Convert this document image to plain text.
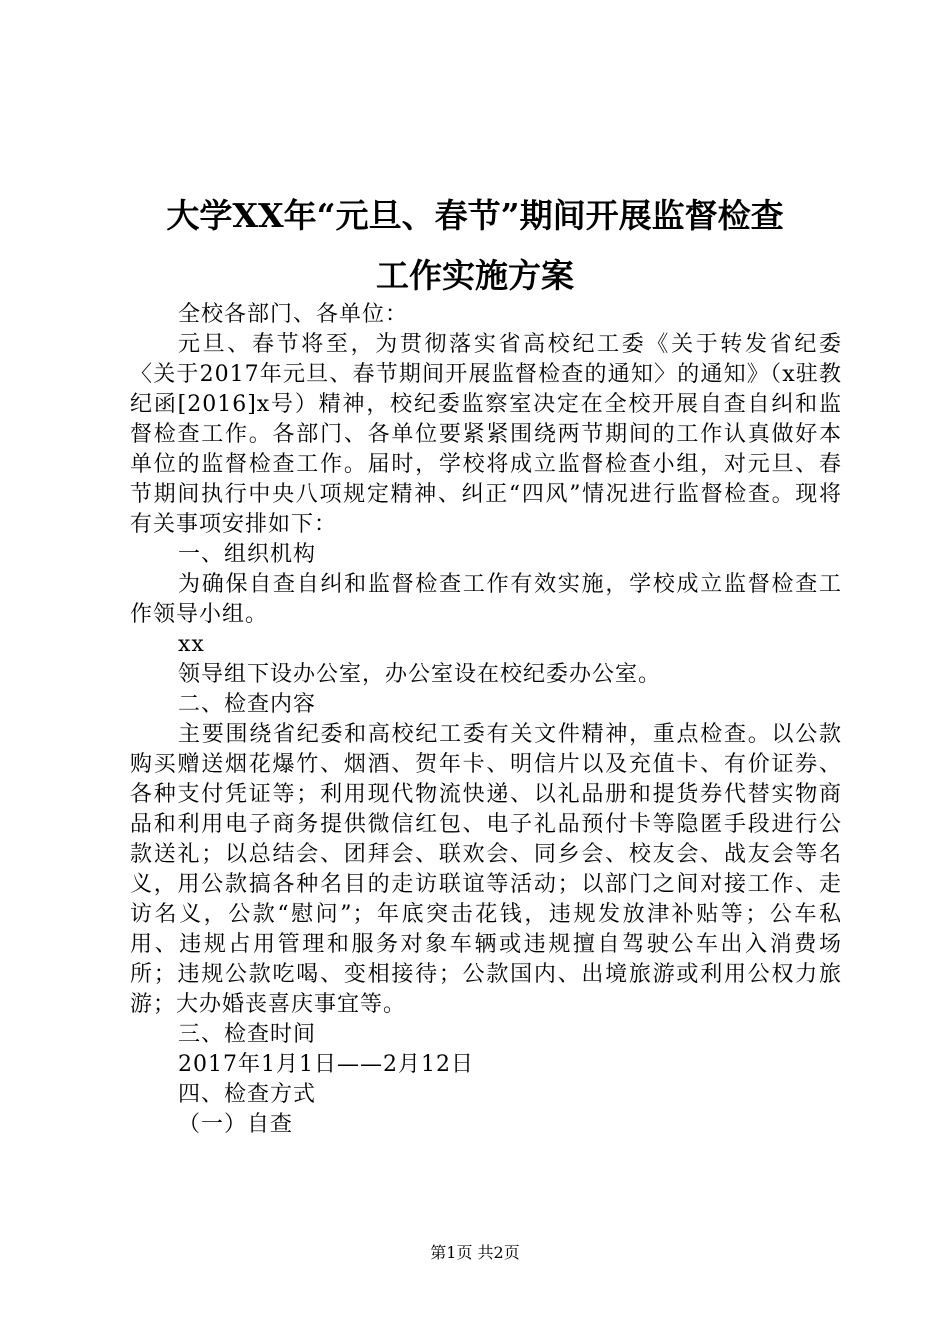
大学XX年“元旦、春节”期间开展监督检查
工作实施方案

全校各部门、各单位：

元旦、春节将至，为贯彻落实省高校纪工委《关于转发省纪委〈关于2017年元旦、春节期间开展监督检查的通知〉的通知》（x驻教纪函[2016]x号）精神，校纪委监察室决定在全校开展自查自纠和监督检查工作。各部门、各单位要紧紧围绕两节期间的工作认真做好本单位的监督检查工作。届时，学校将成立监督检查小组，对元旦、春节期间执行中央八项规定精神、纠正“四风”情况进行监督检查。现将有关事项安排如下：

一、组织机构

为确保自查自纠和监督检查工作有效实施，学校成立监督检查工作领导小组。

xx

领导组下设办公室，办公室设在校纪委办公室。

二、检查内容

主要围绕省纪委和高校纪工委有关文件精神，重点检查。以公款购买赠送烟花爆竹、烟酒、贺年卡、明信片以及充值卡、有价证券、各种支付凭证等；利用现代物流快递、以礼品册和提货券代替实物商品和利用电子商务提供微信红包、电子礼品预付卡等隐匿手段进行公款送礼；以总结会、团拜会、联欢会、同乡会、校友会、战友会等名义，用公款搞各种名目的走访联谊等活动；以部门之间对接工作、走访名义，公款“慰问”；年底突击花钱，违规发放津补贴等；公车私用、违规占用管理和服务对象车辆或违规擅自驾驶公车出入消费场所；违规公款吃喝、变相接待；公款国内、出境旅游或利用公权力旅游；大办婚丧喜庆事宜等。

三、检查时间

2017年1月1日——2月12日

四、检查方式

（一）自查

第1页 共2页
